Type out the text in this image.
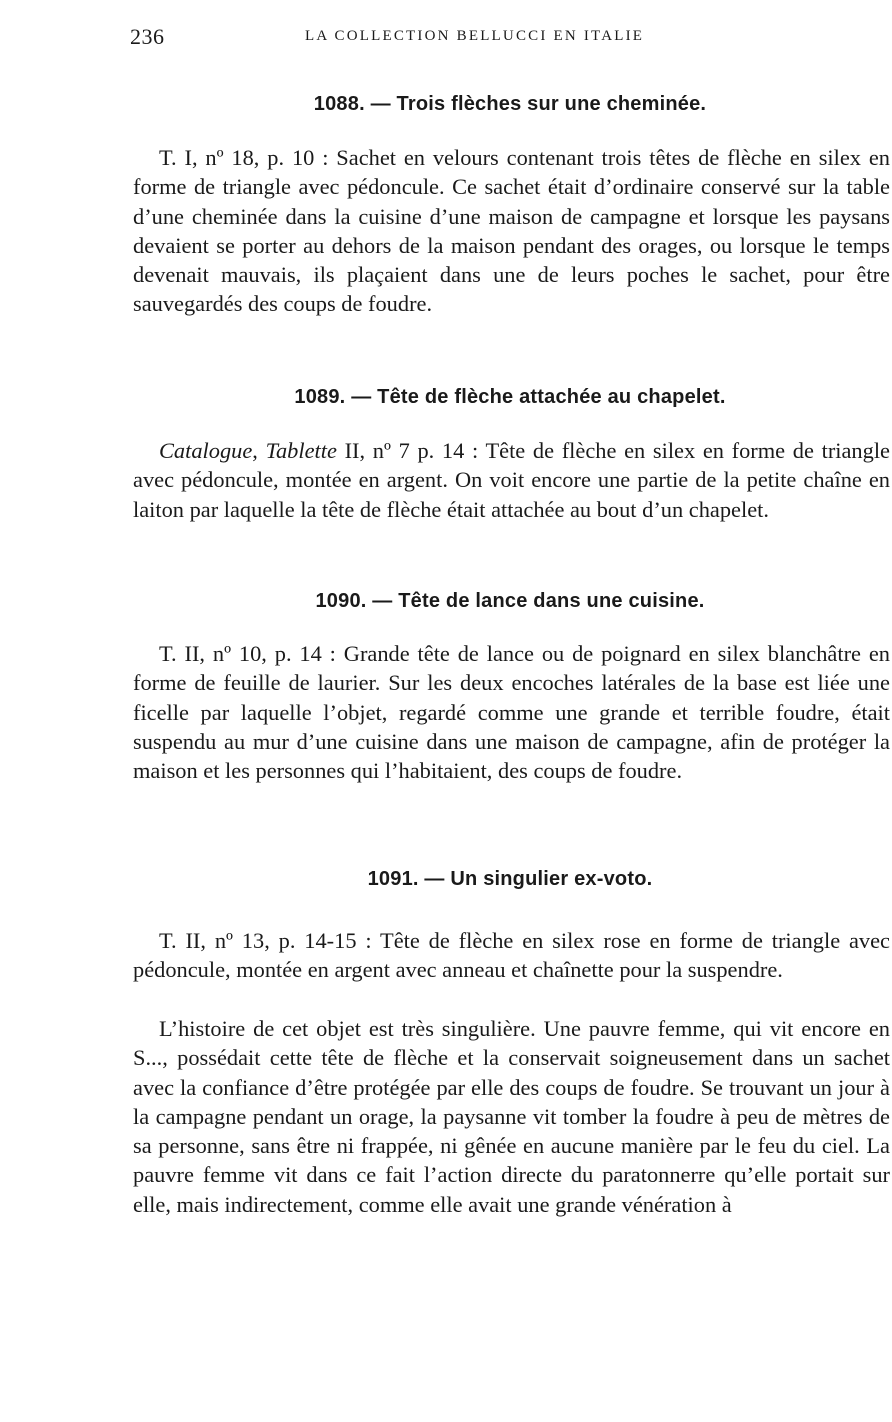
236	LA COLLECTION BELLUCCI EN ITALIE
1088. — Trois flèches sur une cheminée.

T. I, nº 18, p. 10 : Sachet en velours contenant trois têtes de flèche en silex en forme de triangle avec pédoncule. Ce sachet était d’ordinaire conservé sur la table d’une cheminée dans la cuisine d’une maison de campagne et lorsque les paysans devaient se porter au dehors de la maison pendant des orages, ou lorsque le temps devenait mauvais, ils plaçaient dans une de leurs poches le sachet, pour être sauvegardés des coups de foudre.

1089. — Tête de flèche attachée au chapelet.

Catalogue, Tablette II, nº 7 p. 14 : Tête de flèche en silex en forme de triangle avec pédoncule, montée en argent. On voit encore une partie de la petite chaîne en laiton par laquelle la tête de flèche était attachée au bout d’un chapelet.

1090. — Tête de lance dans une cuisine.

T. II, nº 10, p. 14 : Grande tête de lance ou de poignard en silex blanchâtre en forme de feuille de laurier. Sur les deux encoches latérales de la base est liée une ficelle par laquelle l’objet, regardé comme une grande et terrible foudre, était suspendu au mur d’une cuisine dans une maison de campagne, afin de protéger la maison et les personnes qui l’habitaient, des coups de foudre.

1091. — Un singulier ex-voto.

T. II, nº 13, p. 14-15 : Tête de flèche en silex rose en forme de triangle avec pédoncule, montée en argent avec anneau et chaînette pour la suspendre.

L’histoire de cet objet est très singulière. Une pauvre femme, qui vit encore en S..., possédait cette tête de flèche et la conservait soigneusement dans un sachet avec la confiance d’être protégée par elle des coups de foudre. Se trouvant un jour à la campagne pendant un orage, la paysanne vit tomber la foudre à peu de mètres de sa personne, sans être ni frappée, ni gênée en aucune manière par le feu du ciel. La pauvre femme vit dans ce fait l’action directe du paratonnerre qu’elle portait sur elle, mais indirectement, comme elle avait une grande vénération à
